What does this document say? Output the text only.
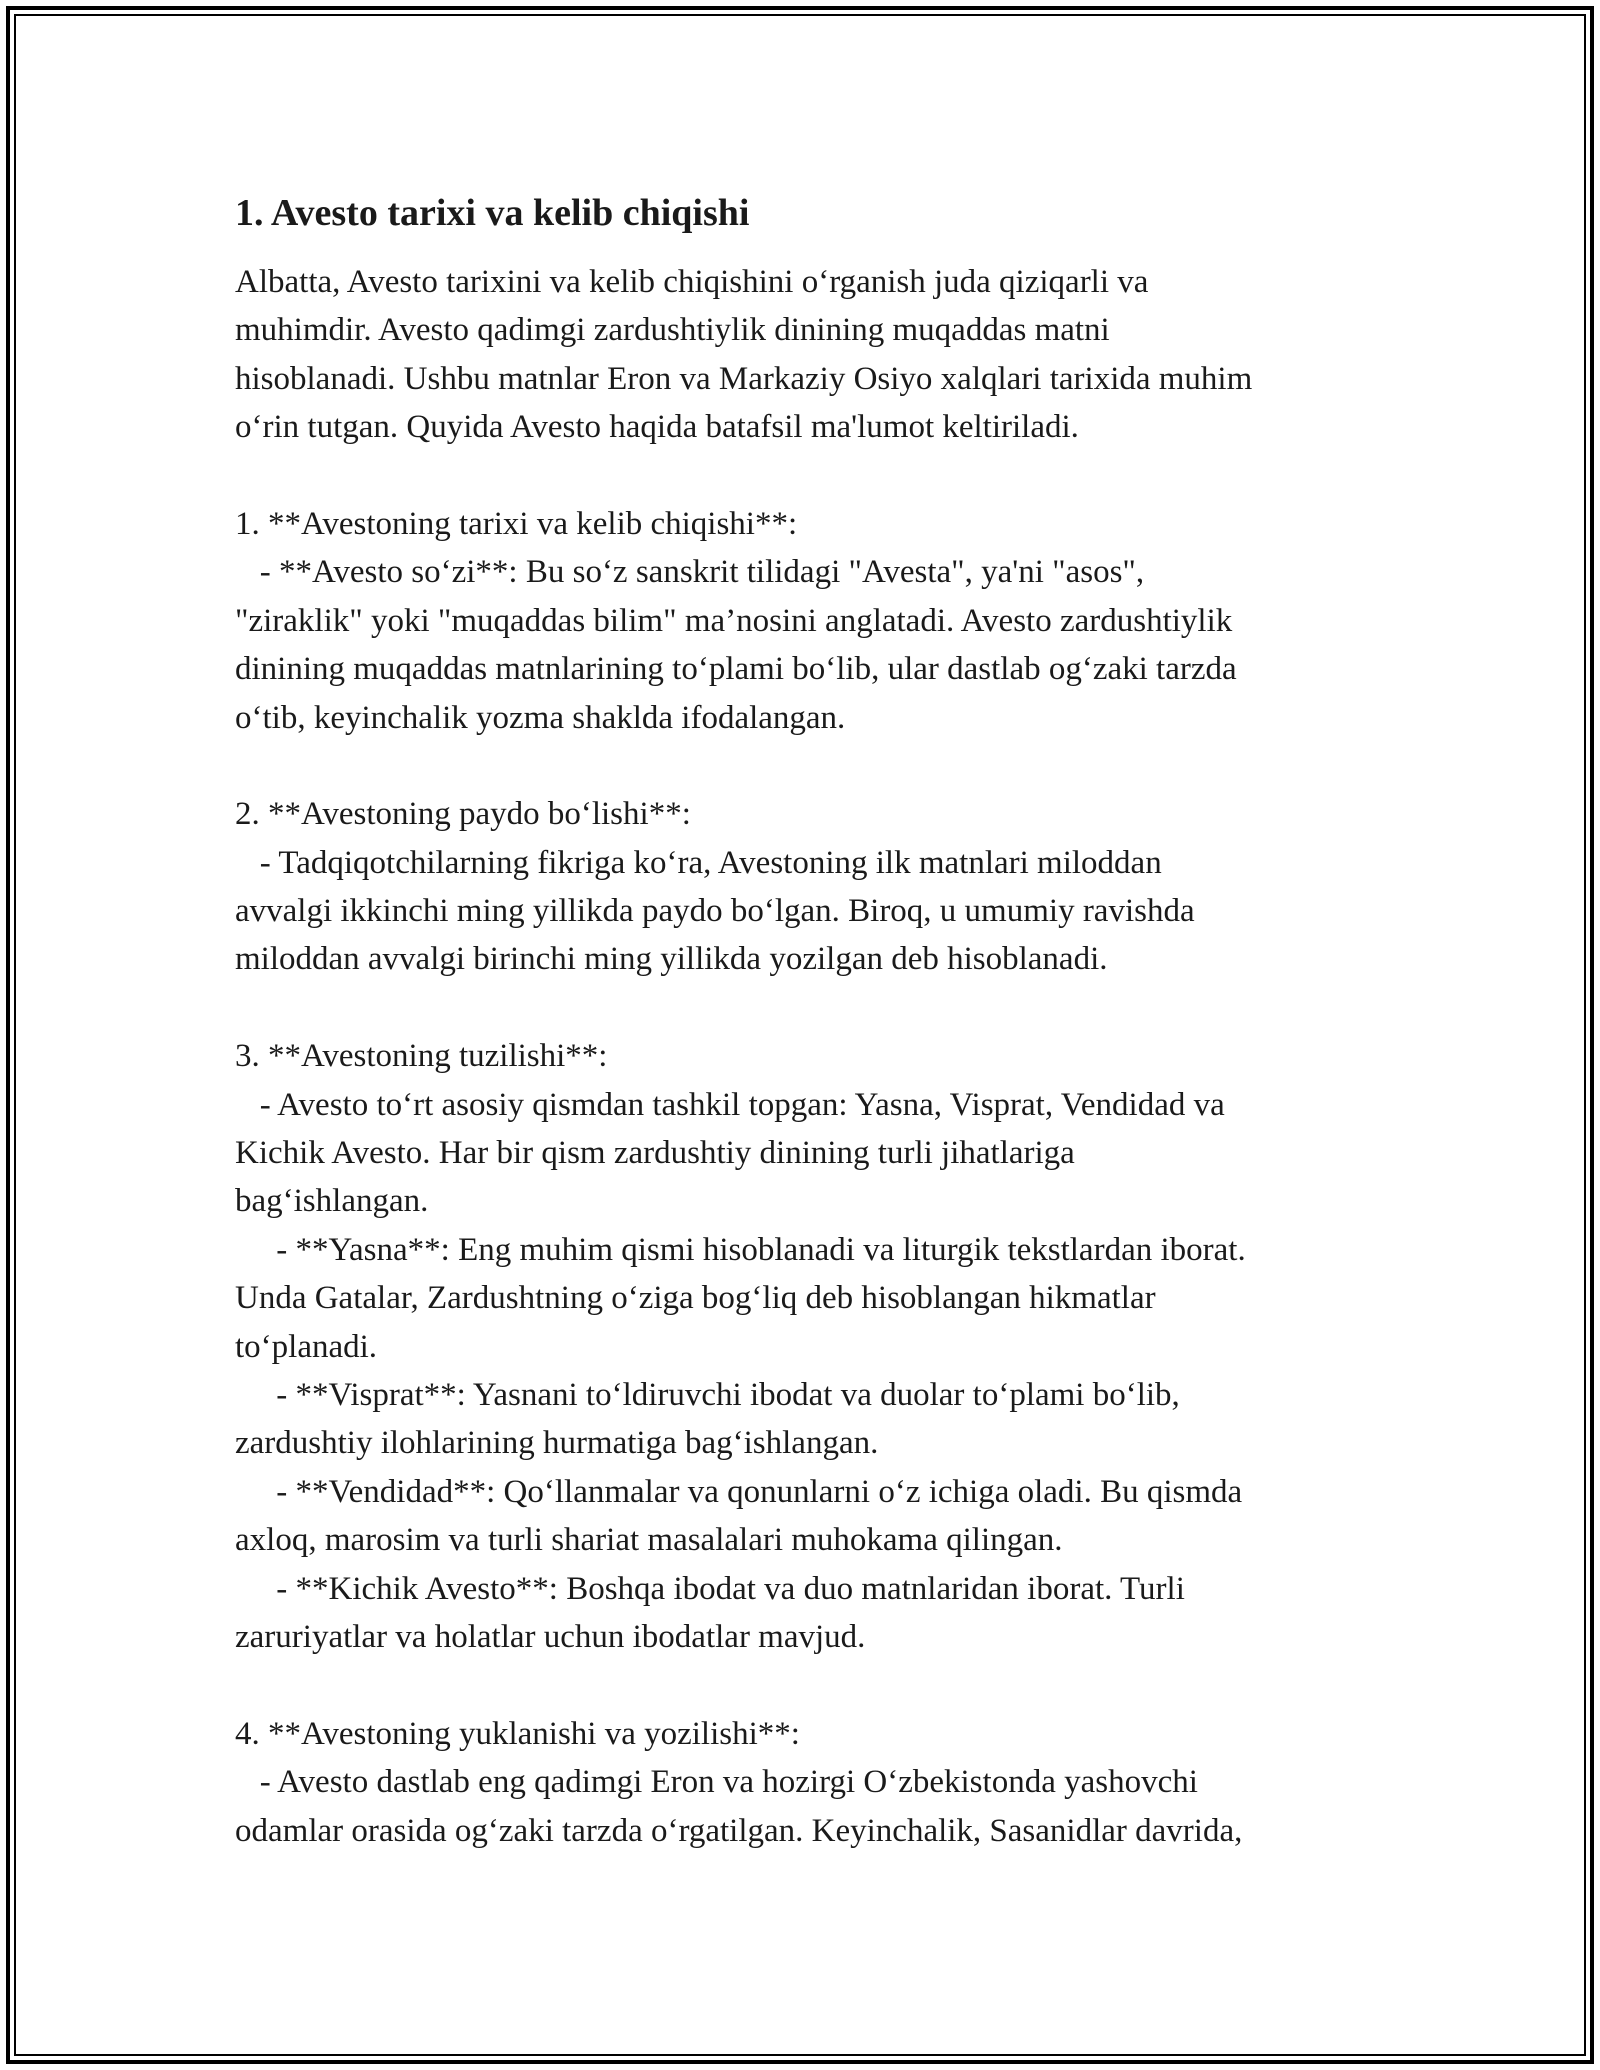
1. Avesto tarixi va kelib chiqishi
Albatta, Avesto tarixini va kelib chiqishini o‘rganish juda qiziqarli va
muhimdir. Avesto qadimgi zardushtiylik dinining muqaddas matni
hisoblanadi. Ushbu matnlar Eron va Markaziy Osiyo xalqlari tarixida muhim
o‘rin tutgan. Quyida Avesto haqida batafsil ma'lumot keltiriladi.
1. **Avestoning tarixi va kelib chiqishi**:
- **Avesto so‘zi**: Bu so‘z sanskrit tilidagi "Avesta", ya'ni "asos",
"ziraklik" yoki "muqaddas bilim" ma’nosini anglatadi. Avesto zardushtiylik
dinining muqaddas matnlarining to‘plami bo‘lib, ular dastlab og‘zaki tarzda
o‘tib, keyinchalik yozma shaklda ifodalangan.
2. **Avestoning paydo bo‘lishi**:
- Tadqiqotchilarning fikriga ko‘ra, Avestoning ilk matnlari miloddan
avvalgi ikkinchi ming yillikda paydo bo‘lgan. Biroq, u umumiy ravishda
miloddan avvalgi birinchi ming yillikda yozilgan deb hisoblanadi.
3. **Avestoning tuzilishi**:
- Avesto to‘rt asosiy qismdan tashkil topgan: Yasna, Visprat, Vendidad va
Kichik Avesto. Har bir qism zardushtiy dinining turli jihatlariga
bag‘ishlangan.
- **Yasna**: Eng muhim qismi hisoblanadi va liturgik tekstlardan iborat.
Unda Gatalar, Zardushtning o‘ziga bog‘liq deb hisoblangan hikmatlar
to‘planadi.
- **Visprat**: Yasnani to‘ldiruvchi ibodat va duolar to‘plami bo‘lib,
zardushtiy ilohlarining hurmatiga bag‘ishlangan.
- **Vendidad**: Qo‘llanmalar va qonunlarni o‘z ichiga oladi. Bu qismda
axloq, marosim va turli shariat masalalari muhokama qilingan.
- **Kichik Avesto**: Boshqa ibodat va duo matnlaridan iborat. Turli
zaruriyatlar va holatlar uchun ibodatlar mavjud.
4. **Avestoning yuklanishi va yozilishi**:
- Avesto dastlab eng qadimgi Eron va hozirgi O‘zbekistonda yashovchi
odamlar orasida og‘zaki tarzda o‘rgatilgan. Keyinchalik, Sasanidlar davrida,
